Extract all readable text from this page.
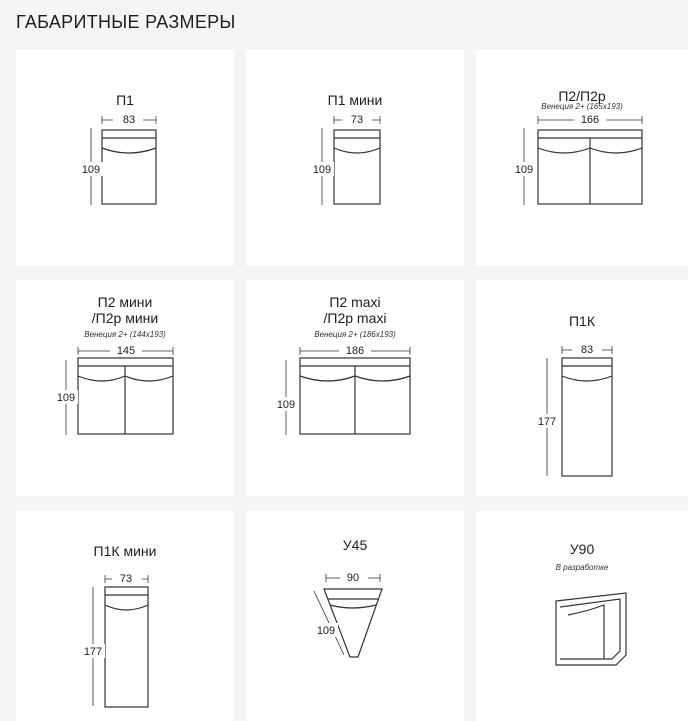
ГАБАРИТНЫЕ РАЗМЕРЫ
П1
83
109
П1 мини
73
109
П2/П2р
Венеция 2+ (165x193)
166
109
П2 мини
/П2р мини
Венеция 2+ (144x193)
145
109
П2 maxi
/П2р maxi
Венеция 2+ (186x193)
186
109
П1К
83
177
П1К мини
73
177
У45
90
109
У90
В разработке
